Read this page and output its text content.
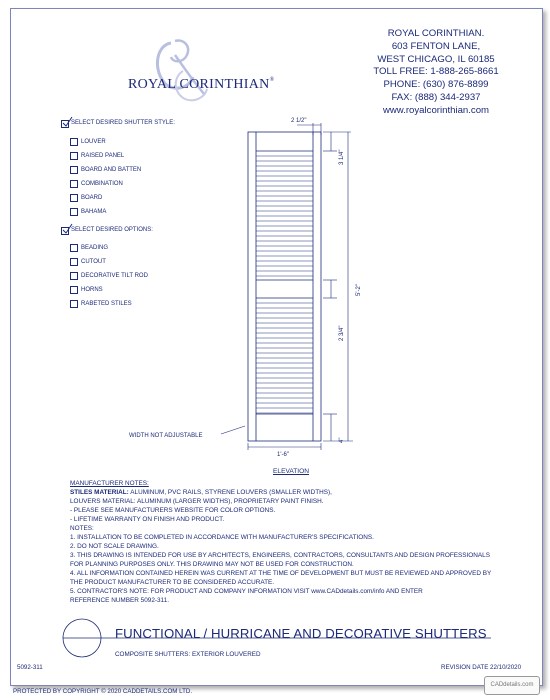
ROYAL CORINTHIAN.
603 FENTON LANE,
WEST CHICAGO, IL 60185
TOLL FREE: 1-888-265-8661
PHONE: (630) 876-8899
FAX: (888) 344-2937
www.royalcorinthian.com
ROYAL CORINTHIAN®
SELECT DESIRED SHUTTER STYLE:
LOUVER
RAISED PANEL
BOARD AND BATTEN
COMBINATION
BOARD
BAHAMA
SELECT DESIRED OPTIONS:
BEADING
CUTOUT
DECORATIVE TILT ROD
HORNS
RABETED STILES
2 1/2"
3 1/4"
5'-2"
2 3/4"
4"
1'-6"
WIDTH NOT ADJUSTABLE
ELEVATION
MANUFACTURER NOTES:
STILES MATERIAL: ALUMINUM, PVC RAILS, STYRENE LOUVERS (SMALLER WIDTHS),
LOUVERS MATERIAL: ALUMINUM (LARGER WIDTHS), PROPRIETARY PAINT FINISH.
- PLEASE SEE MANUFACTURERS WEBSITE FOR COLOR OPTIONS.
- LIFETIME WARRANTY ON FINISH AND PRODUCT.
NOTES:
1. INSTALLATION TO BE COMPLETED IN ACCORDANCE WITH MANUFACTURER'S SPECIFICATIONS.
2. DO NOT SCALE DRAWING.
3. THIS DRAWING IS INTENDED FOR USE BY ARCHITECTS, ENGINEERS, CONTRACTORS, CONSULTANTS AND DESIGN PROFESSIONALS
FOR PLANNING PURPOSES ONLY. THIS DRAWING MAY NOT BE USED FOR CONSTRUCTION.
4. ALL INFORMATION CONTAINED HEREIN WAS CURRENT AT THE TIME OF DEVELOPMENT BUT MUST BE REVIEWED AND APPROVED BY
THE PRODUCT MANUFACTURER TO BE CONSIDERED ACCURATE.
5. CONTRACTOR'S NOTE: FOR PRODUCT AND COMPANY INFORMATION VISIT www.CADdetails.com/info AND ENTER
REFERENCE NUMBER 5092-311.
FUNCTIONAL / HURRICANE AND DECORATIVE SHUTTERS
COMPOSITE SHUTTERS: EXTERIOR LOUVERED
5092-311	REVISION DATE 22/10/2020
PROTECTED BY COPYRIGHT © 2020 CADDETAILS.COM LTD.
CADdetails.com
